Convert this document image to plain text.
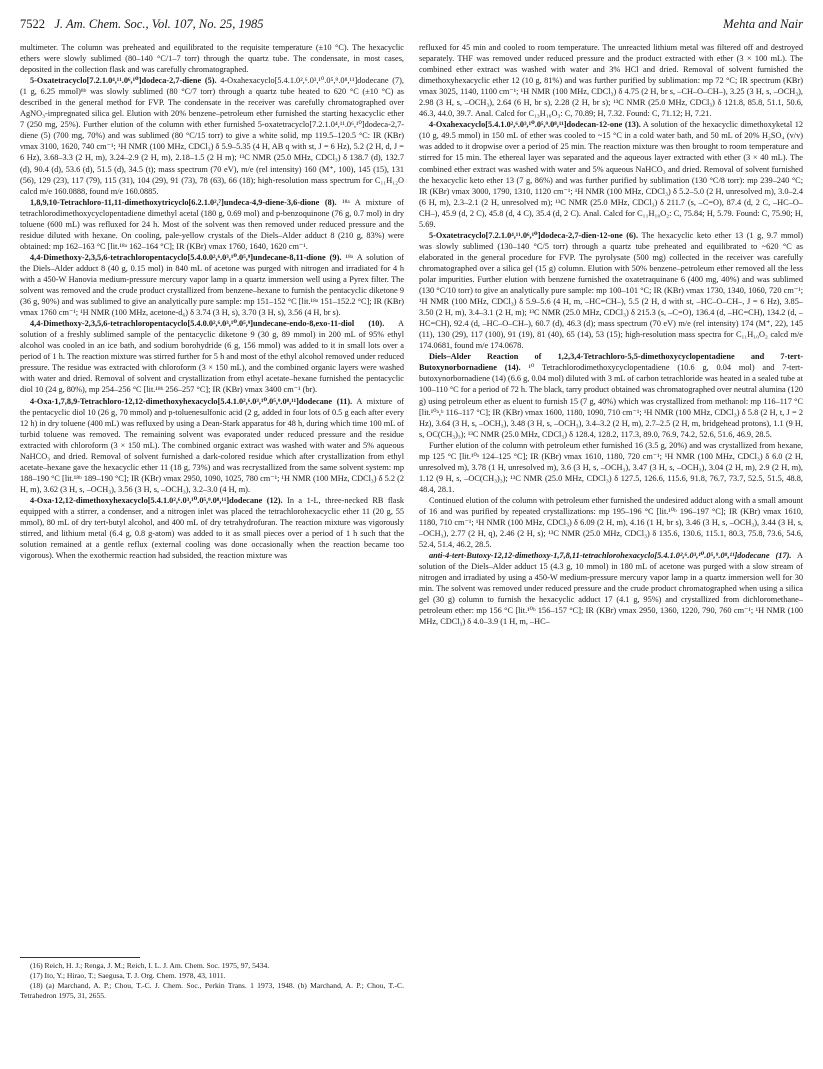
7522 J. Am. Chem. Soc., Vol. 107, No. 25, 1985	Mehta and Nair

multimeter. The column was preheated and equilibrated to the requisite temperature (±10 °C). The hexacyclic ethers were slowly sublimed (80–140 °C/1–7 torr) through the quartz tube. The condensate, in most cases, deposited in the collection flask and was carefully chromatographed.

5-Oxatetracyclo[7.2.1.0⁴,¹¹.0⁶,¹⁰]dodeca-2,7-diene (5). 4-Oxahexacyclo[5.4.1.0²,⁶.0³,¹⁰.0⁵,⁹.0⁸,¹¹]dodecane (7), (1 g, 6.25 mmol)⁸ᵇ was slowly sublimed (80 °C/7 torr) through a quartz tube heated to 620 °C (±10 °C) as described in the general method for FVP. The condensate in the receiver was carefully chromatographed over AgNO₃-impregnated silica gel. Elution with 20% benzene–petroleum ether furnished the starting hexacyclic ether 7 (250 mg, 25%). Further elution of the column with ether furnished 5-oxatetracyclo[7.2.1.0⁴,¹¹.0⁶,¹⁰]dodeca-2,7-diene (5) (700 mg, 70%) and was sublimed (80 °C/15 torr) to give a white solid, mp 119.5–120.5 °C: IR (KBr) νmax 3100, 1620, 740 cm⁻¹; ¹H NMR (100 MHz, CDCl₃) δ 5.9–5.35 (4 H, AB q with st, J = 6 Hz), 5.2 (2 H, d, J = 6 Hz), 3.68–3.3 (2 H, m), 3.24–2.9 (2 H, m), 2.18–1.5 (2 H m); ¹³C NMR (25.0 MHz, CDCl₃) δ 138.7 (d), 132.7 (d), 90.4 (d), 53.6 (d), 51.5 (d), 34.5 (t); mass spectrum (70 eV), m/e (rel intensity) 160 (M⁺, 100), 145 (15), 131 (56), 129 (23), 117 (79), 115 (31), 104 (29), 91 (73), 78 (63), 66 (18); high-resolution mass spectrum for C₁₁H₁₂O calcd m/e 160.0888, found m/e 160.0885.

1,8,9,10-Tetrachloro-11,11-dimethoxytricyclo[6.2.1.0²,⁷]undeca-4,9-diene-3,6-dione (8). ¹⁸ᵃ A mixture of tetrachlorodimethoxycyclopentadiene dimethyl acetal (180 g, 0.69 mol) and p-benzoquinone (76 g, 0.7 mol) in dry toluene (600 mL) was refluxed for 24 h. Most of the solvent was then removed under reduced pressure and the residue diluted with hexane. On cooling, pale-yellow crystals of the Diels–Alder adduct 8 (210 g, 83%) were obtained: mp 162–163 °C [lit.¹⁸ᵃ 162–164 °C]; IR (KBr) νmax 1760, 1640, 1620 cm⁻¹.

4,4-Dimethoxy-2,3,5,6-tetrachloropentacyclo[5.4.0.0²,⁶.0³,¹⁰.0⁵,⁹]undecane-8,11-dione (9). ¹⁸ᵃ A solution of the Diels–Alder adduct 8 (40 g, 0.15 mol) in 840 mL of acetone was purged with nitrogen and irradiated for 4 h with a 450-W Hanovia medium-pressure mercury vapor lamp in a quartz immersion well using a Pyrex filter. The solvent was removed and the crude product crystallized from benzene–hexane to furnish the pentacyclic diketone 9 (36 g, 90%) and was sublimed to give an analytically pure sample: mp 151–152 °C [lit.¹⁸ᵃ 151–152.2 °C]; IR (KBr) νmax 1760 cm⁻¹; ¹H NMR (100 MHz, acetone-d₆) δ 3.74 (3 H, s), 3.70 (3 H, s), 3.56 (4 H, br s).

4,4-Dimethoxy-2,3,5,6-tetrachloropentacyclo[5.4.0.0²,⁶.0³,¹⁰.0⁵,⁹]undecane-endo-8,exo-11-diol (10). A solution of a freshly sublimed sample of the pentacyclic diketone 9 (30 g, 89 mmol) in 200 mL of 95% ethyl alcohol was cooled in an ice bath, and sodium borohydride (6 g, 156 mmol) was added to it in small lots over a period of 1 h. The reaction mixture was stirred further for 5 h and most of the ethyl alcohol removed under reduced pressure. The residue was extracted with chloroform (3 × 150 mL), and the combined organic layers were washed with water and dried. Removal of solvent and crystallization from ethyl acetate–hexane furnished the pentacyclic diol 10 (24 g, 80%), mp 254–256 °C [lit.¹⁸ᵇ 256–257 °C]; IR (KBr) νmax 3400 cm⁻¹ (br).

4-Oxa-1,7,8,9-Tetrachloro-12,12-dimethoxyhexacyclo[5.4.1.0²,⁶.0³,¹⁰.0⁵,⁹.0⁸,¹¹]dodecane (11). A mixture of the pentacyclic diol 10 (26 g, 70 mmol) and p-toluenesulfonic acid (2 g, added in four lots of 0.5 g each after every 12 h) in dry toluene (400 mL) was refluxed by using a Dean-Stark apparatus for 48 h, during which time 100 mL of turbid toluene was removed. The remaining solvent was evaporated under reduced pressure and the residue extracted with chloroform (3 × 150 mL). The combined organic extract was washed with water and 5% aqueous NaHCO₃ and dried. Removal of solvent furnished a dark-colored residue which after crystallization from ethyl acetate–hexane gave the hexacyclic ether 11 (18 g, 73%) and was recrystallized from the same solvent system: mp 188–190 °C [lit.¹⁸ᵇ 189–190 °C]; IR (KBr) νmax 2950, 1090, 1025, 780 cm⁻¹; ¹H NMR (100 MHz, CDCl₃) δ 5.2 (2 H, m), 3.62 (3 H, s, –OCH₃), 3.56 (3 H, s, –OCH₃), 3.2–3.0 (4 H, m).

4-Oxa-12,12-dimethoxyhexacyclo[5.4.1.0²,⁶.0³,¹⁰.0⁵,⁹.0⁸,¹¹]dodecane (12). In a 1-L, three-necked RB flask equipped with a stirrer, a condenser, and a nitrogen inlet was placed the tetrachlorohexacyclic ether 11 (20 g, 55 mmol), 80 mL of dry tert-butyl alcohol, and 400 mL of dry tetrahydrofuran. The reaction mixture was vigorously stirred, and lithium metal (6.4 g, 0.8 g-atom) was added to it as small pieces over a period of 1 h such that the solution remained at a gentle reflux (external cooling was done occasionally when the reaction became too vigorous). When the exothermic reaction had subsided, the reaction mixture was

refluxed for 45 min and cooled to room temperature. The unreacted lithium metal was filtered off and destroyed separately. THF was removed under reduced pressure and the product extracted with ether (3 × 100 mL). The combined ether extract was washed with water and 3% HCl and dried. Removal of solvent furnished the dimethoxyhexacyclic ether 12 (10 g, 81%) and was further purified by sublimation: mp 72 °C; IR spectrum (KBr) νmax 3025, 1140, 1100 cm⁻¹; ¹H NMR (100 MHz, CDCl₃) δ 4.75 (2 H, br s, –CH–O–CH–), 3.25 (3 H, s, –OCH₃), 2.98 (3 H, s, –OCH₃), 2.64 (6 H, br s), 2.28 (2 H, br s); ¹³C NMR (25.0 MHz, CDCl₃) δ 121.8, 85.8, 51.1, 50.6, 46.3, 44.0, 39.7. Anal. Calcd for C₁₃H₁₆O₃: C, 70.89; H, 7.32. Found: C, 71.12; H, 7.21.

4-Oxahexacyclo[5.4.1.0²,⁶.0³,¹⁰.0⁵,⁹.0⁸,¹¹]dodecan-12-one (13). A solution of the hexacyclic dimethoxyketal 12 (10 g, 49.5 mmol) in 150 mL of ether was cooled to ~15 °C in a cold water bath, and 50 mL of 20% H₂SO₄ (v/v) was added to it dropwise over a period of 25 min. The reaction mixture was then brought to room temperature and stirred for 15 min. The ethereal layer was separated and the aqueous layer extracted with ether (3 × 40 mL). The combined ether extract was washed with water and 5% aqueous NaHCO₃ and dried. Removal of solvent furnished the hexacyclic keto ether 13 (7 g, 86%) and was further purified by sublimation (130 °C/8 torr): mp 239–240 °C; IR (KBr) νmax 3000, 1790, 1310, 1120 cm⁻¹; ¹H NMR (100 MHz, CDCl₃) δ 5.2–5.0 (2 H, unresolved m), 3.0–2.4 (6 H, m), 2.3–2.1 (2 H, unresolved m); ¹³C NMR (25.0 MHz, CDCl₃) δ 211.7 (s, –C=O), 87.4 (d, 2 C, –HC–O–CH–), 45.9 (d, 2 C), 45.8 (d, 4 C), 35.4 (d, 2 C). Anal. Calcd for C₁₁H₁₀O₂: C, 75.84; H, 5.79. Found: C, 75.90; H, 5.69.

5-Oxatetracyclo[7.2.1.0⁴,¹¹.0⁶,¹⁰]dodeca-2,7-dien-12-one (6). The hexacyclic keto ether 13 (1 g, 9.7 mmol) was slowly sublimed (130–140 °C/5 torr) through a quartz tube preheated and equilibrated to ~620 °C as elaborated in the general procedure for FVP. The pyrolysate (500 mg) collected in the receiver was carefully chromatographed over a silica gel (15 g) column. Elution with 50% benzene–petroleum ether removed all the less polar impurities. Further elution with benzene furnished the oxatetraquinane 6 (400 mg, 40%) and was sublimed (130 °C/10 torr) to give an analytically pure sample: mp 100–101 °C; IR (KBr) νmax 1730, 1340, 1060, 720 cm⁻¹; ¹H NMR (100 MHz, CDCl₃) δ 5.9–5.6 (4 H, m, –HC=CH–), 5.5 (2 H, d with st, –HC–O–CH–, J = 6 Hz), 3.85–3.50 (2 H, m), 3.4–3.1 (2 H, m); ¹³C NMR (25.0 MHz, CDCl₃) δ 215.3 (s, –C=O), 136.4 (d, –HC=CH), 134.2 (d, –HC=CH), 92.4 (d, –HC–O–CH–), 60.7 (d), 46.3 (d); mass spectrum (70 eV) m/e (rel intensity) 174 (M⁺, 22), 145 (11), 130 (29), 117 (100), 91 (19), 81 (40), 65 (14), 53 (15); high-resolution mass spectra for C₁₁H₁₀O₂ calcd m/e 174.0681, found m/e 174.0678.

Diels–Alder Reaction of 1,2,3,4-Tetrachloro-5,5-dimethoxycyclopentadiene and 7-tert-Butoxynorbornadiene (14). ¹⁰ Tetrachlorodimethoxycyclopentadiene (10.6 g, 0.04 mol) and 7-tert-butoxynorbornadiene (14) (6.6 g, 0.04 mol) diluted with 3 mL of carbon tetrachloride was heated in a sealed tube at 100–110 °C for a period of 72 h. The black, tarry product obtained was chromatographed over neutral alumina (120 g) using petroleum ether as eluent to furnish 15 (7 g, 40%) which was crystallized from methanol: mp 116–117 °C [lit.¹⁰ᵃ,ᵇ 116–117 °C]; IR (KBr) νmax 1600, 1180, 1090, 710 cm⁻¹; ¹H NMR (100 MHz, CDCl₃) δ 5.8 (2 H, t, J = 2 Hz), 3.64 (3 H, s, –OCH₃), 3.48 (3 H, s, –OCH₃), 3.4–3.2 (2 H, m), 2.7–2.5 (2 H, m, bridgehead protons), 1.1 (9 H, s, OC(CH₃)₃); ¹³C NMR (25.0 MHz, CDCl₃) δ 128.4, 128.2, 117.3, 89.0, 76.9, 74.2, 52.6, 51.6, 46.9, 28.5.

Further elution of the column with petroleum ether furnished 16 (3.5 g, 20%) and was crystallized from hexane, mp 125 °C [lit.¹⁰ᵃ 124–125 °C]; IR (KBr) νmax 1610, 1180, 720 cm⁻¹; ¹H NMR (100 MHz, CDCl₃) δ 6.0 (2 H, unresolved m), 3.78 (1 H, unresolved m), 3.6 (3 H, s, –OCH₃), 3.47 (3 H, s, –OCH₃), 3.04 (2 H, m), 2.9 (2 H, m), 1.12 (9 H, s, –OC(CH₃)₃); ¹³C NMR (25.0 MHz, CDCl₃) δ 127.5, 126.6, 115.6, 91.8, 76.7, 73.7, 52.5, 51.5, 48.8, 48.4, 28.1.

Continued elution of the column with petroleum ether furnished the undesired adduct along with a small amount of 16 and was purified by repeated crystallizations: mp 195–196 °C [lit.¹⁰ᵇ 196–197 °C]; IR (KBr) νmax 1610, 1180, 710 cm⁻¹; ¹H NMR (100 MHz, CDCl₃) δ 6.09 (2 H, m), 4.16 (1 H, br s), 3.46 (3 H, s, –OCH₃), 3.44 (3 H, s, –OCH₃), 2.77 (2 H, q), 2.46 (2 H, s); ¹³C NMR (25.0 MHz, CDCl₃) δ 135.6, 130.6, 115.1, 80.3, 75.8, 73.6, 54.6, 52.4, 51.4, 46.2, 28.5.

anti-4-tert-Butoxy-12,12-dimethoxy-1,7,8,11-tetrachlorohexacyclo[5.4.1.0²,⁶.0³,¹⁰.0⁵,⁹.0⁸,¹¹]dodecane (17). A solution of the Diels–Alder adduct 15 (4.3 g, 10 mmol) in 180 mL of acetone was purged with a slow stream of nitrogen and irradiated by using a 450-W medium-pressure mercury vapor lamp in a quartz immersion well for 30 min. The solvent was removed under reduced pressure and the crude product chromatographed when using a silica gel (30 g) column to furnish the hexacyclic adduct 17 (4.1 g, 95%) and crystallized from dichloromethane–petroleum ether: mp 156 °C [lit.¹⁰ᵇ 156–157 °C]; IR (KBr) νmax 2950, 1360, 1220, 790, 760 cm⁻¹; ¹H NMR (100 MHz, CDCl₃) δ 4.0–3.9 (1 H, m, –HC–

(16) Reich, H. J.; Renga, J. M.; Reich, I. L. J. Am. Chem. Soc. 1975, 97, 5434.

(17) Ito, Y.; Hirao, T.; Saegusa, T. J. Org. Chem. 1978, 43, 1011.

(18) (a) Marchand, A. P.; Chou, T.-C. J. Chem. Soc., Perkin Trans. 1 1973, 1948. (b) Marchand, A. P.; Chou, T.-C. Tetrahedron 1975, 31, 2655.
